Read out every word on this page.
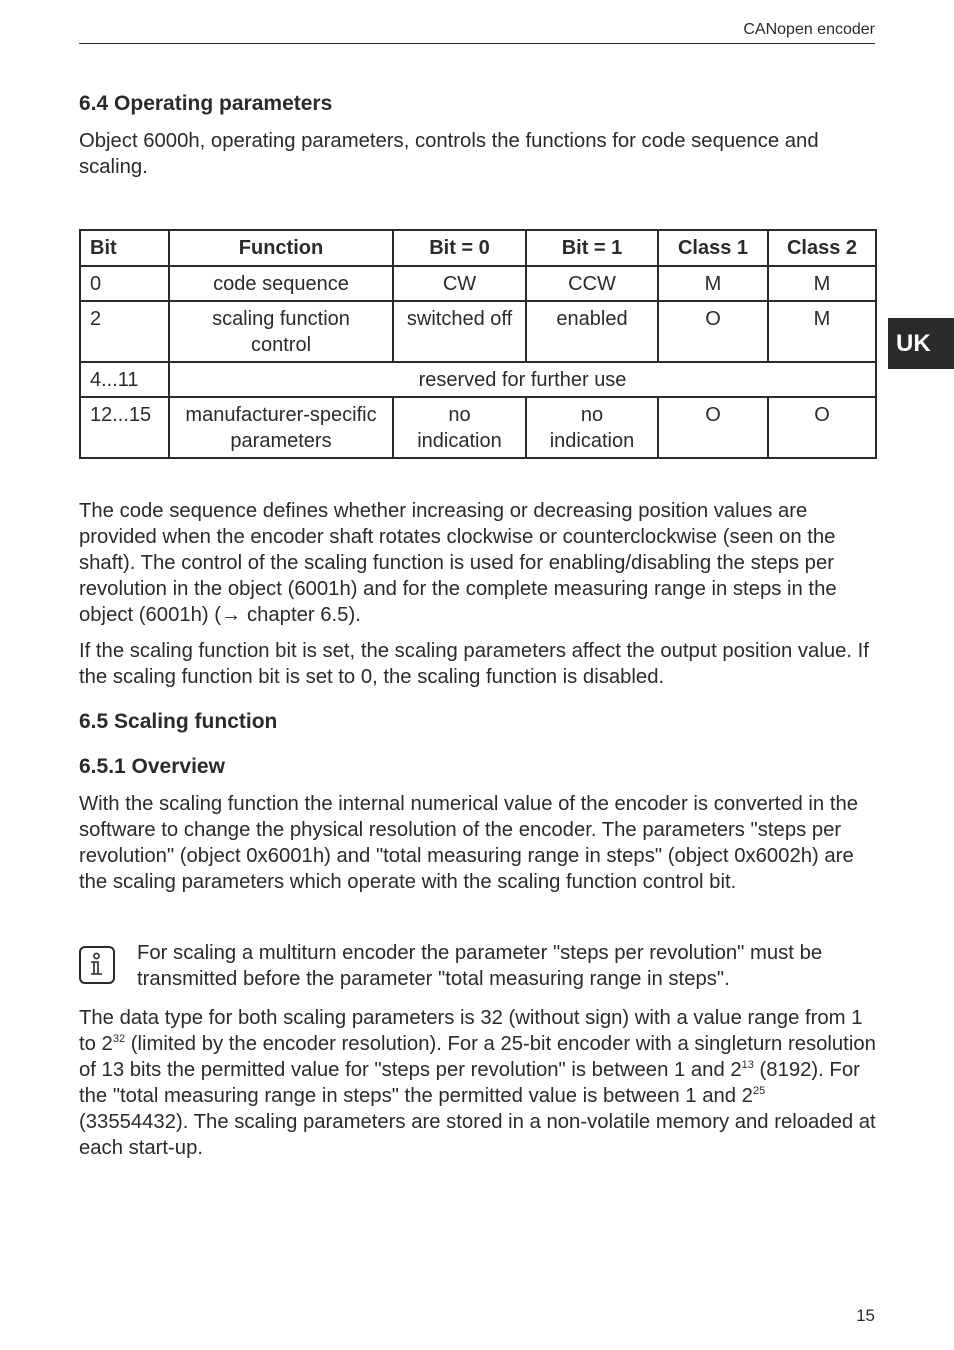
CANopen encoder
UK
6.4 Operating parameters

Object 6000h, operating parameters, controls the functions for code sequence and scaling.

Bit	Function	Bit = 0	Bit = 1	Class 1	Class 2
0	code sequence	CW	CCW	M	M
2	scaling function control	switched off	enabled	O	M
4...11	reserved for further use				
12...15	manufacturer-specific parameters	no indication	no indication	O	O

The code sequence defines whether increasing or decreasing position values are provided when the encoder shaft rotates clockwise or counterclockwise (seen on the shaft). The control of the scaling function is used for enabling/disabling the steps per revolution in the object (6001h) and for the complete measuring range in steps in the object (6001h) (→ chapter 6.5).

If the scaling function bit is set, the scaling parameters affect the output position value. If the scaling function bit is set to 0, the scaling function is disabled.

6.5 Scaling function
6.5.1 Overview

With the scaling function the internal numerical value of the encoder is converted in the software to change the physical resolution of the encoder. The parameters "steps per revolution" (object 0x6001h) and "total measuring range in steps" (object 0x6002h) are the scaling parameters which operate with the scaling function control bit.

For scaling a multiturn encoder the parameter "steps per revolution" must be transmitted before the parameter "total measuring range in steps".

The data type for both scaling parameters is 32 (without sign) with a value range from 1 to $2^{32}$ (limited by the encoder resolution). For a 25-bit encoder with a singleturn resolution of 13 bits the permitted value for "steps per revolution" is between 1 and $2^{13}$ (8192). For the "total measuring range in steps" the permitted value is between 1 and $2^{25}$ (33554432). The scaling parameters are stored in a non-volatile memory and reloaded at each start-up.

15
